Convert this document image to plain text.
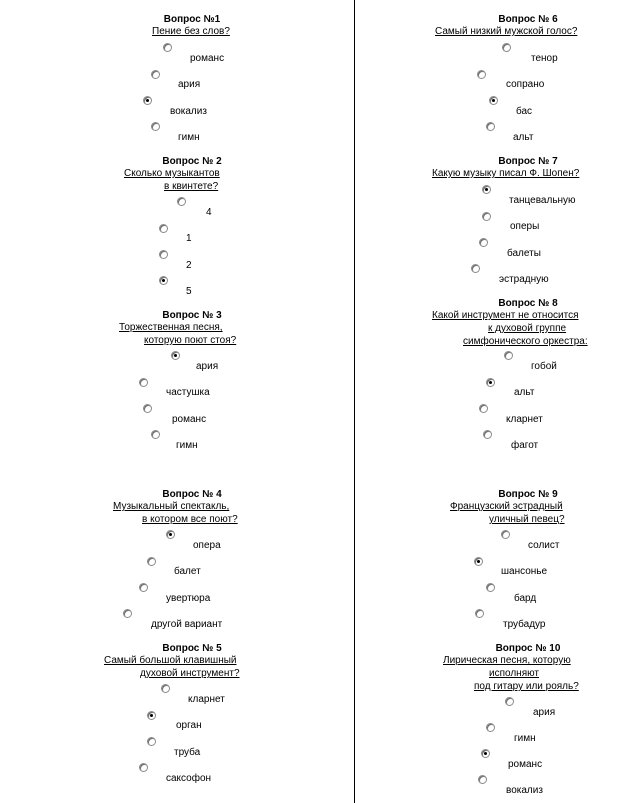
Вопрос №1
Пение без слов?
романс
ария
вокализ
гимн
Вопрос № 2
Сколько музыкантов
в квинтете?
4
1
2
5
Вопрос № 3
Торжественная песня,
которую поют стоя?
ария
частушка
романс
гимн
Вопрос № 4
Музыкальный спектакль,
в котором все поют?
опера
балет
увертюра
другой вариант
Вопрос № 5
Самый большой клавишный
духовой инструмент?
кларнет
орган
труба
саксофон
Вопрос № 6
Самый низкий мужской голос?
тенор
сопрано
бас
альт
Вопрос № 7
Какую музыку писал Ф. Шопен?
танцевальную
оперы
балеты
эстрадную
Вопрос № 8
Какой инструмент не относится
к духовой группе
симфонического оркестра:
гобой
альт
кларнет
фагот
Вопрос № 9
Французский эстрадный
уличный певец?
солист
шансонье
бард
трубадур
Вопрос № 10
Лирическая песня, которую
исполняют
под гитару или рояль?
ария
гимн
романс
вокализ
